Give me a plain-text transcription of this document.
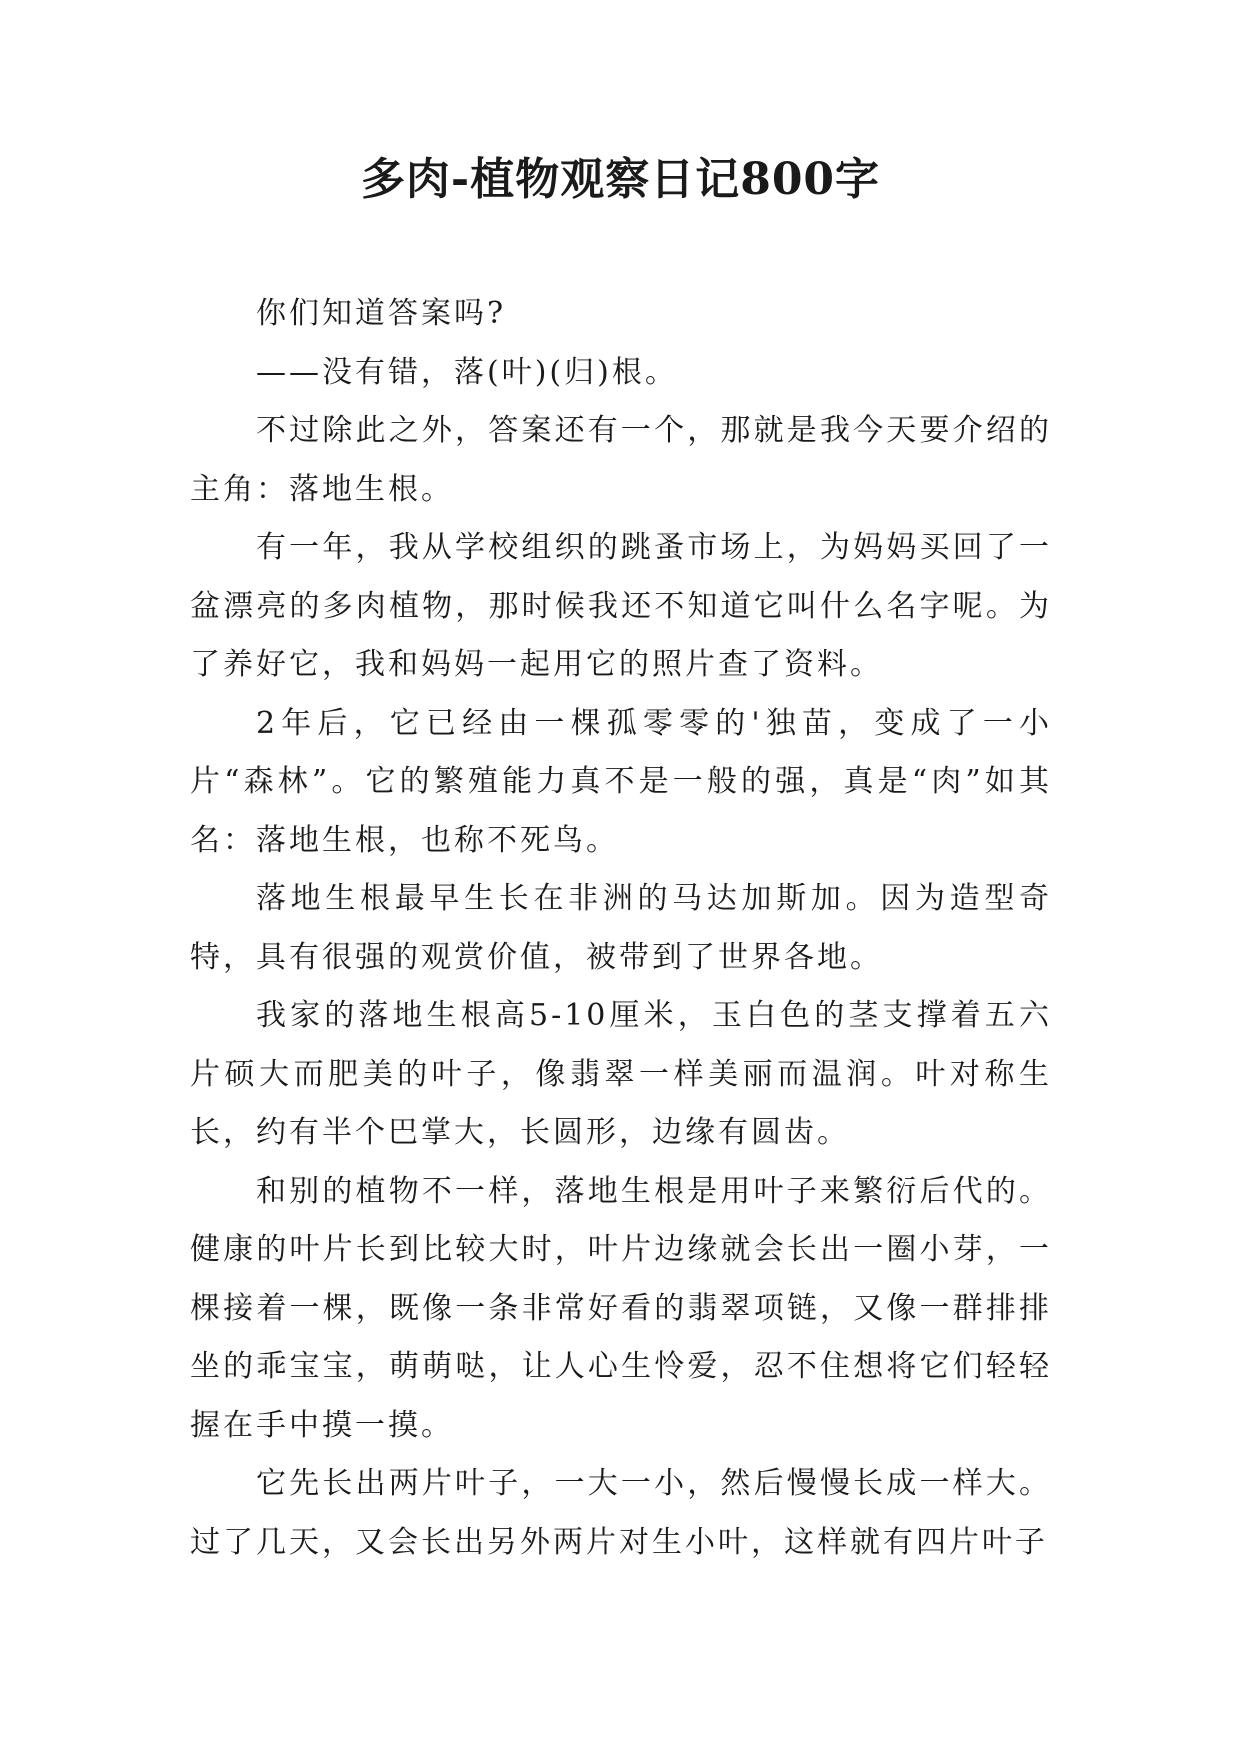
多肉-植物观察日记800字

你们知道答案吗?

——没有错，落(叶)(归)根。

不过除此之外，答案还有一个，那就是我今天要介绍的主角：落地生根。

有一年，我从学校组织的跳蚤市场上，为妈妈买回了一盆漂亮的多肉植物，那时候我还不知道它叫什么名字呢。为了养好它，我和妈妈一起用它的照片查了资料。

2年后，它已经由一棵孤零零的'独苗，变成了一小片“森林”。它的繁殖能力真不是一般的强，真是“肉”如其名：落地生根，也称不死鸟。

落地生根最早生长在非洲的马达加斯加。因为造型奇特，具有很强的观赏价值，被带到了世界各地。

我家的落地生根高5-10厘米，玉白色的茎支撑着五六片硕大而肥美的叶子，像翡翠一样美丽而温润。叶对称生长，约有半个巴掌大，长圆形，边缘有圆齿。

和别的植物不一样，落地生根是用叶子来繁衍后代的。健康的叶片长到比较大时，叶片边缘就会长出一圈小芽，一棵接着一棵，既像一条非常好看的翡翠项链，又像一群排排坐的乖宝宝，萌萌哒，让人心生怜爱，忍不住想将它们轻轻握在手中摸一摸。

它先长出两片叶子，一大一小，然后慢慢长成一样大。过了几天，又会长出另外两片对生小叶，这样就有四片叶子
